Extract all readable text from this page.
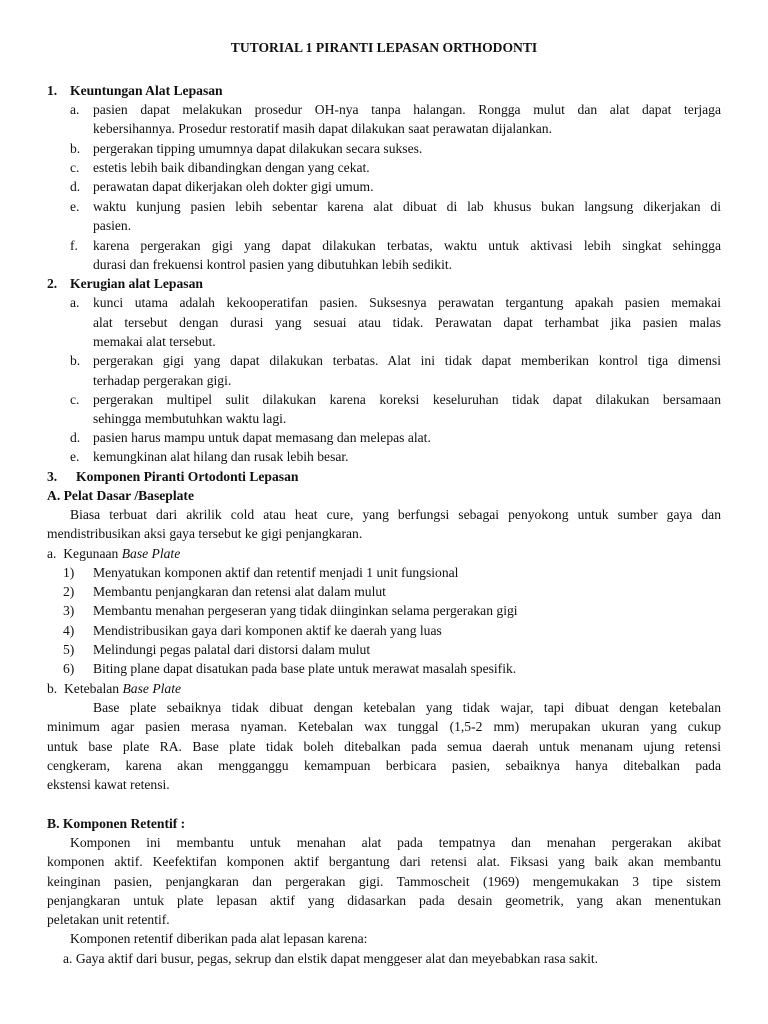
TUTORIAL 1 PIRANTI LEPASAN ORTHODONTI
1. Keuntungan Alat Lepasan
a. pasien dapat melakukan prosedur OH-nya tanpa halangan. Rongga mulut dan alat dapat terjaga
kebersihannya. Prosedur restoratif masih dapat dilakukan saat perawatan dijalankan.
b. pergerakan tipping umumnya dapat dilakukan secara sukses.
c. estetis lebih baik dibandingkan dengan yang cekat.
d. perawatan dapat dikerjakan oleh dokter gigi umum.
e. waktu kunjung pasien lebih sebentar karena alat dibuat di lab khusus bukan langsung dikerjakan di
pasien.
f. karena pergerakan gigi yang dapat dilakukan terbatas, waktu untuk aktivasi lebih singkat sehingga
durasi dan frekuensi kontrol pasien yang dibutuhkan lebih sedikit.
2. Kerugian alat Lepasan
a. kunci utama adalah kekooperatifan pasien. Suksesnya perawatan tergantung apakah pasien memakai
alat tersebut dengan durasi yang sesuai atau tidak. Perawatan dapat terhambat jika pasien malas
memakai alat tersebut.
b. pergerakan gigi yang dapat dilakukan terbatas. Alat ini tidak dapat memberikan kontrol tiga dimensi
terhadap pergerakan gigi.
c. pergerakan multipel sulit dilakukan karena koreksi keseluruhan tidak dapat dilakukan bersamaan
sehingga membutuhkan waktu lagi.
d. pasien harus mampu untuk dapat memasang dan melepas alat.
e. kemungkinan alat hilang dan rusak lebih besar.
3. Komponen Piranti Ortodonti Lepasan
A. Pelat Dasar /Baseplate
Biasa terbuat dari akrilik cold atau heat cure, yang berfungsi sebagai penyokong untuk sumber gaya dan
mendistribusikan aksi gaya tersebut ke gigi penjangkaran.
a.  Kegunaan Base Plate
1) Menyatukan komponen aktif dan retentif menjadi 1 unit fungsional
2) Membantu penjangkaran dan retensi alat dalam mulut
3) Membantu menahan pergeseran yang tidak diinginkan selama pergerakan gigi
4) Mendistribusikan gaya dari komponen aktif ke daerah yang luas
5) Melindungi pegas palatal dari distorsi dalam mulut
6) Biting plane dapat disatukan pada base plate untuk merawat masalah spesifik.
b.  Ketebalan Base Plate
Base plate sebaiknya tidak dibuat dengan ketebalan yang tidak wajar, tapi dibuat dengan ketebalan
minimum agar pasien merasa nyaman. Ketebalan wax tunggal (1,5-2 mm) merupakan ukuran yang cukup
untuk base plate RA. Base plate tidak boleh ditebalkan pada semua daerah untuk menanam ujung retensi
cengkeram, karena akan mengganggu kemampuan berbicara pasien, sebaiknya hanya ditebalkan pada
ekstensi kawat retensi.
B. Komponen Retentif :
Komponen ini membantu untuk menahan alat pada tempatnya dan menahan pergerakan akibat
komponen aktif. Keefektifan komponen aktif bergantung dari retensi alat. Fiksasi yang baik akan membantu
keinginan pasien, penjangkaran dan pergerakan gigi. Tammoscheit (1969) mengemukakan 3 tipe sistem
penjangkaran untuk plate lepasan aktif yang didasarkan pada desain geometrik, yang akan menentukan
peletakan unit retentif.
Komponen retentif diberikan pada alat lepasan karena:
a. Gaya aktif dari busur, pegas, sekrup dan elstik dapat menggeser alat dan meyebabkan rasa sakit.
